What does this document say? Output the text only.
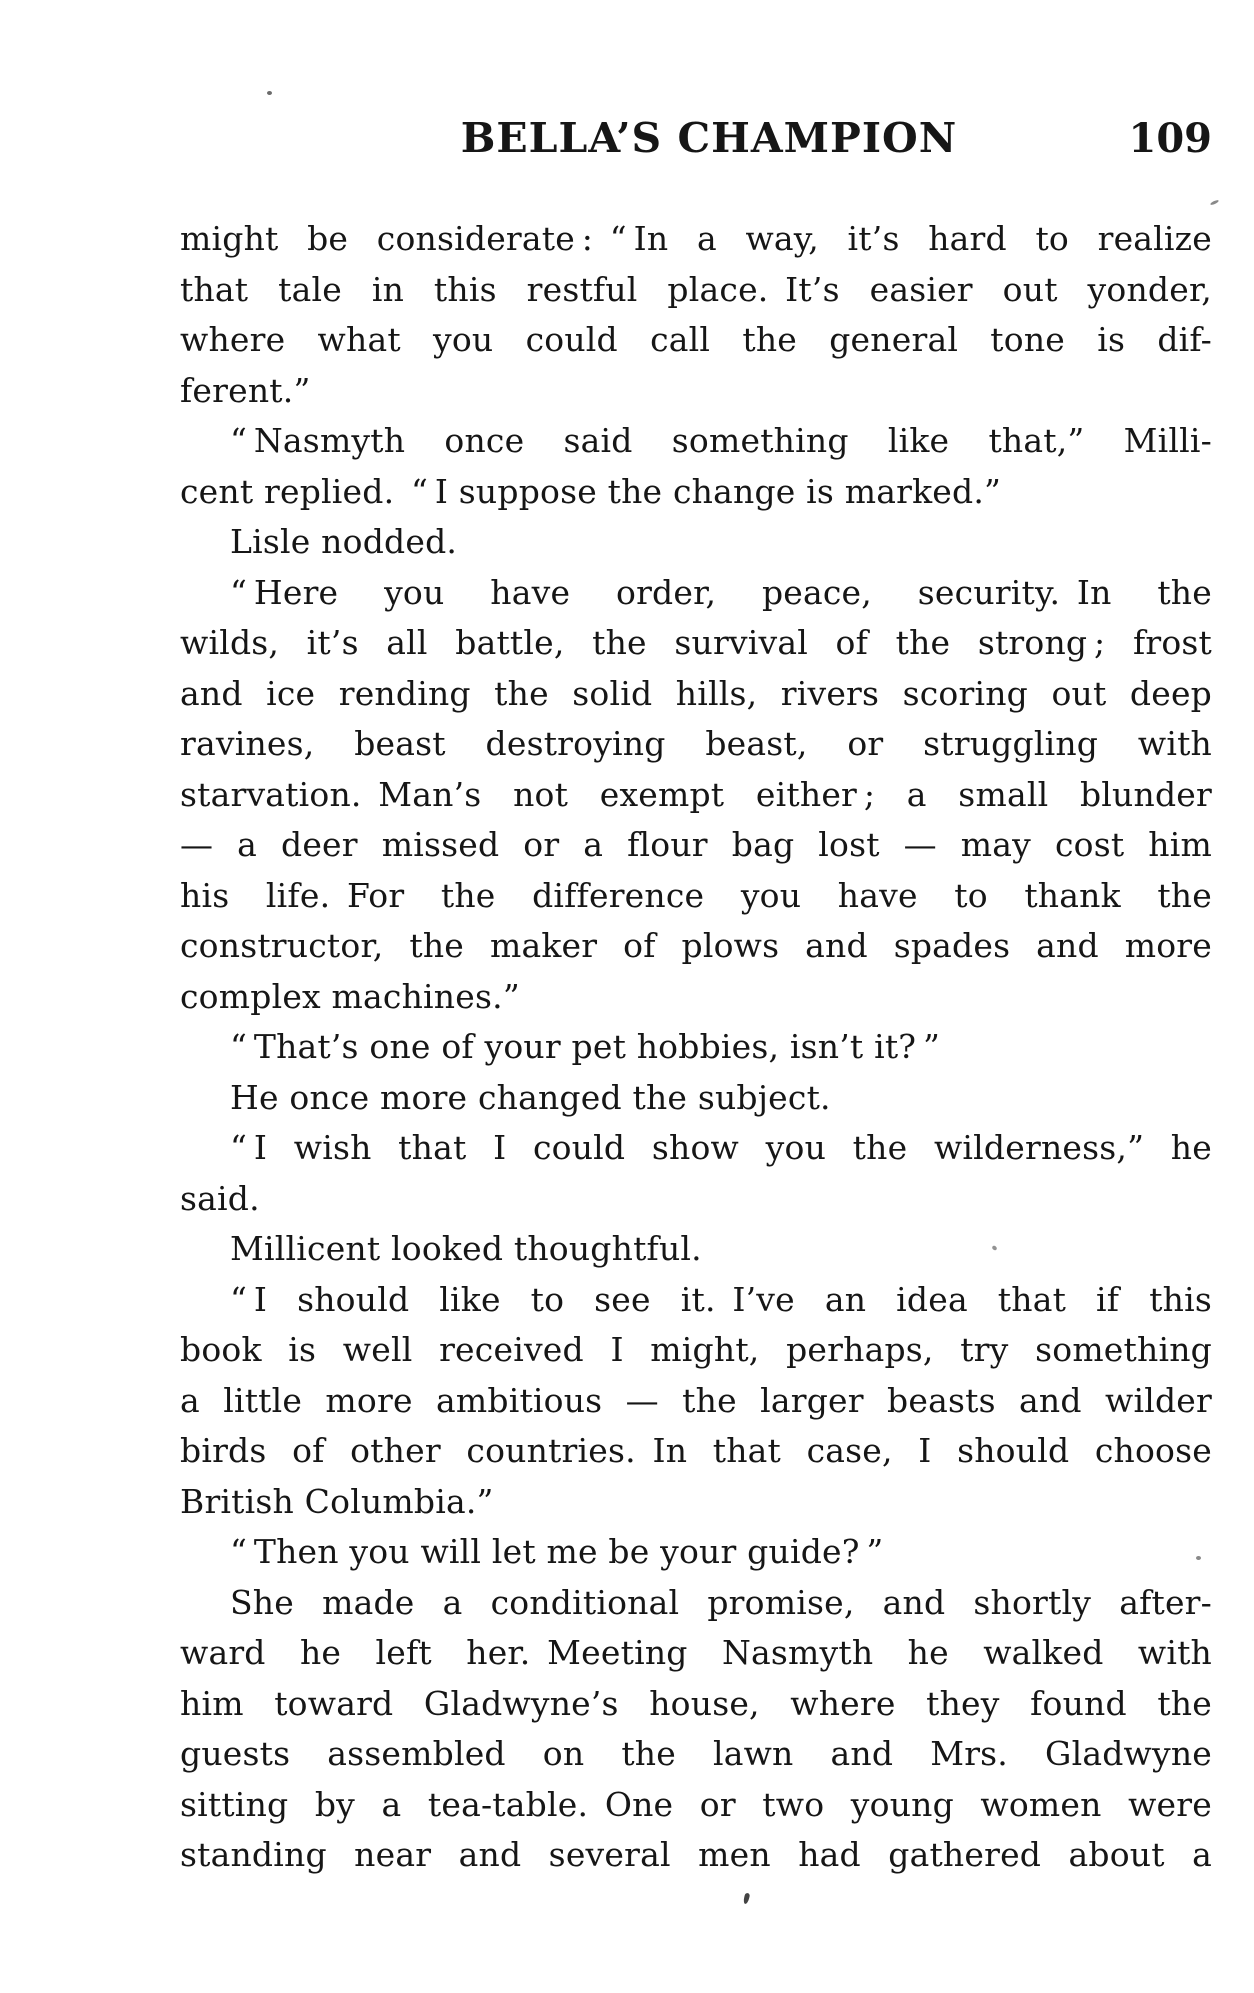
BELLA’S CHAMPION	109
might be considerate : “ In a way, it’s hard to realize
that tale in this restful place. It’s easier out yonder,
where what you could call the general tone is dif-
ferent.”
“ Nasmyth once said something like that,” Milli-
cent replied. “ I suppose the change is marked.”
Lisle nodded.
“ Here you have order, peace, security. In the
wilds, it’s all battle, the survival of the strong ; frost
and ice rending the solid hills, rivers scoring out deep
ravines, beast destroying beast, or struggling with
starvation. Man’s not exempt either ; a small blunder
— a deer missed or a flour bag lost — may cost him
his life. For the difference you have to thank the
constructor, the maker of plows and spades and more
complex machines.”
“ That’s one of your pet hobbies, isn’t it? ”
He once more changed the subject.
“ I wish that I could show you the wilderness,” he
said.
Millicent looked thoughtful.
“ I should like to see it. I’ve an idea that if this
book is well received I might, perhaps, try something
a little more ambitious — the larger beasts and wilder
birds of other countries. In that case, I should choose
British Columbia.”
“ Then you will let me be your guide? ”
She made a conditional promise, and shortly after-
ward he left her. Meeting Nasmyth he walked with
him toward Gladwyne’s house, where they found the
guests assembled on the lawn and Mrs. Gladwyne
sitting by a tea-table. One or two young women were
standing near and several men had gathered about a
